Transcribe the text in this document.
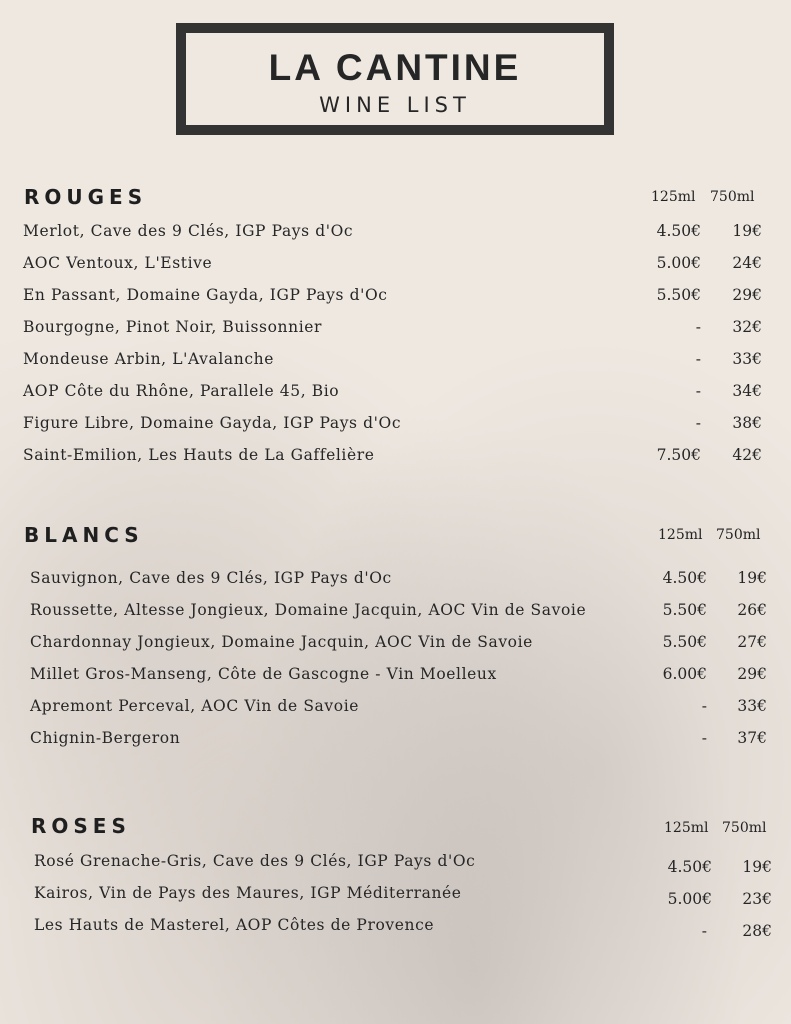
LA CANTINE
WINE LIST
ROUGES	125ml 750ml
Merlot, Cave des 9 Clés, IGP Pays d'Oc	4.50€ 19€
AOC Ventoux, L'Estive	5.00€ 24€
En Passant, Domaine Gayda, IGP Pays d'Oc	5.50€ 29€
Bourgogne, Pinot Noir, Buissonnier	- 32€
Mondeuse Arbin, L'Avalanche	- 33€
AOP Côte du Rhône, Parallele 45, Bio	- 34€
Figure Libre, Domaine Gayda, IGP Pays d'Oc	- 38€
Saint-Emilion, Les Hauts de La Gaffelière	7.50€ 42€
BLANCS	125ml 750ml
Sauvignon, Cave des 9 Clés, IGP Pays d'Oc	4.50€ 19€
Roussette, Altesse Jongieux, Domaine Jacquin, AOC Vin de Savoie	5.50€ 26€
Chardonnay Jongieux, Domaine Jacquin, AOC Vin de Savoie	5.50€ 27€
Millet Gros-Manseng, Côte de Gascogne - Vin Moelleux	6.00€ 29€
Apremont Perceval, AOC Vin de Savoie	- 33€
Chignin-Bergeron	- 37€
ROSES	125ml 750ml
Rosé Grenache-Gris, Cave des 9 Clés, IGP Pays d'Oc	4.50€ 19€
Kairos, Vin de Pays des Maures, IGP Méditerranée	5.00€ 23€
Les Hauts de Masterel, AOP Côtes de Provence	- 28€
